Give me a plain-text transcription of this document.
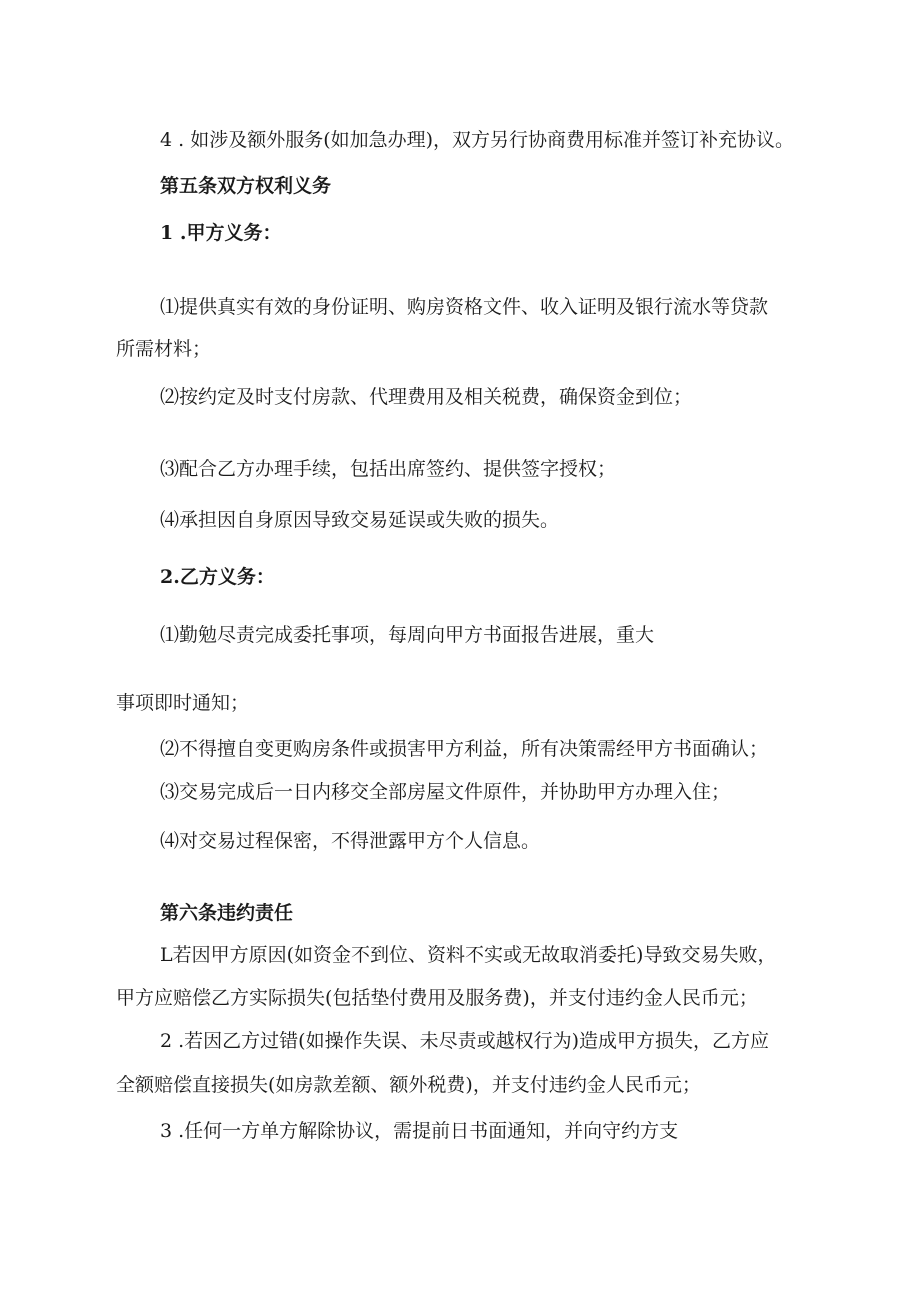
4 . 如涉及额外服务(如加急办理)，双方另行协商费用标准并签订补充协议。

第五条双方权利义务

1 .甲方义务：

⑴提供真实有效的身份证明、购房资格文件、收入证明及银行流水等贷款

所需材料；

⑵按约定及时支付房款、代理费用及相关税费，确保资金到位；

⑶配合乙方办理手续，包括出席签约、提供签字授权；

⑷承担因自身原因导致交易延误或失败的损失。

2.乙方义务：

⑴勤勉尽责完成委托事项，每周向甲方书面报告进展，重大

事项即时通知；

⑵不得擅自变更购房条件或损害甲方利益，所有决策需经甲方书面确认；

⑶交易完成后一日内移交全部房屋文件原件，并协助甲方办理入住；

⑷对交易过程保密，不得泄露甲方个人信息。

第六条违约责任

L若因甲方原因(如资金不到位、资料不实或无故取消委托)导致交易失败，

甲方应赔偿乙方实际损失(包括垫付费用及服务费)，并支付违约金人民币元；

2 .若因乙方过错(如操作失误、未尽责或越权行为)造成甲方损失，乙方应

全额赔偿直接损失(如房款差额、额外税费)，并支付违约金人民币元；

3 .任何一方单方解除协议，需提前日书面通知，并向守约方支
